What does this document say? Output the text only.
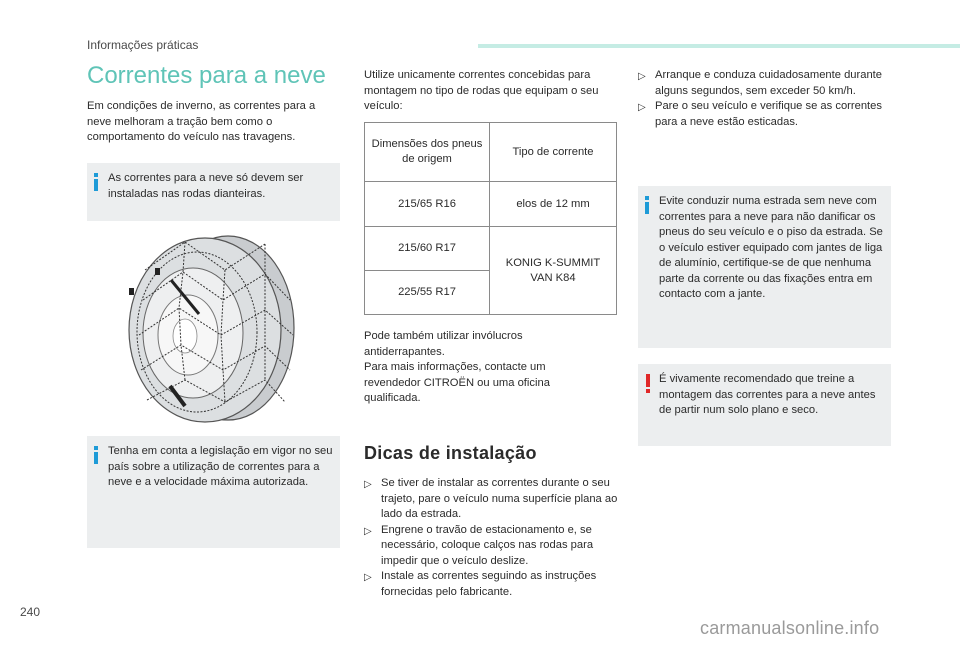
Informações práticas
Correntes para a neve
Em condições de inverno, as correntes para a neve melhoram a tração bem como o comportamento do veículo nas travagens.
As correntes para a neve só devem ser instaladas nas rodas dianteiras.
Tenha em conta a legislação em vigor no seu país sobre a utilização de correntes para a neve e a velocidade máxima autorizada.
Utilize unicamente correntes concebidas para montagem no tipo de rodas que equipam o seu veículo:
Dimensões dos pneus de origem	Tipo de corrente
215/65 R16	elos de 12 mm
215/60 R17	KONIG K-SUMMIT VAN K84
225/55 R17	
Pode também utilizar invólucros antiderrapantes.
Para mais informações, contacte um revendedor CITROËN ou uma oficina qualificada.
Dicas de instalação
▷ Se tiver de instalar as correntes durante o seu trajeto, pare o veículo numa superfície plana ao lado da estrada.
▷ Engrene o travão de estacionamento e, se necessário, coloque calços nas rodas para impedir que o veículo deslize.
▷ Instale as correntes seguindo as instruções fornecidas pelo fabricante.
▷ Arranque e conduza cuidadosamente durante alguns segundos, sem exceder 50 km/h.
▷ Pare o seu veículo e verifique se as correntes para a neve estão esticadas.
Evite conduzir numa estrada sem neve com correntes para a neve para não danificar os pneus do seu veículo e o piso da estrada. Se o veículo estiver equipado com jantes de liga de alumínio, certifique-se de que nenhuma parte da corrente ou das fixações entra em contacto com a jante.
É vivamente recomendado que treine a montagem das correntes para a neve antes de partir num solo plano e seco.
240
carmanualsonline.info
